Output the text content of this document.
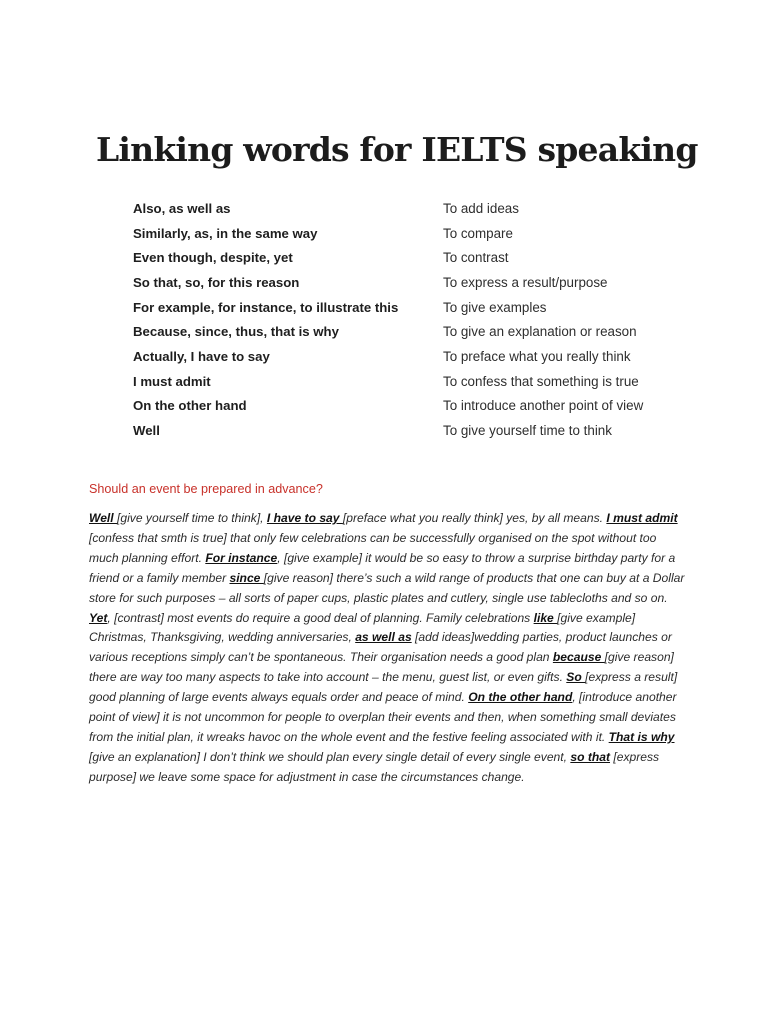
Linking words for IELTS speaking
Also, as well as	To add ideas
Similarly, as, in the same way	To compare
Even though, despite, yet	To contrast
So that, so, for this reason	To express a result/purpose
For example, for instance, to illustrate this	To give examples
Because, since, thus, that is why	To give an explanation or reason
Actually, I have to say	To preface what you really think
I must admit	To confess that something is true
On the other hand	To introduce another point of view
Well	To give yourself time to think
Should an event be prepared in advance?

Well [give yourself time to think], I have to say [preface what you really think] yes, by all means. I must admit [confess that smth is true] that only few celebrations can be successfully organised on the spot without too much planning effort. For instance, [give example] it would be so easy to throw a surprise birthday party for a friend or a family member since [give reason] there’s such a wild range of products that one can buy at a Dollar store for such purposes – all sorts of paper cups, plastic plates and cutlery, single use tablecloths and so on. Yet, [contrast] most events do require a good deal of planning. Family celebrations like [give example] Christmas, Thanksgiving, wedding anniversaries, as well as [add ideas]wedding parties, product launches or various receptions simply can’t be spontaneous. Their organisation needs a good plan because [give reason] there are way too many aspects to take into account – the menu, guest list, or even gifts. So [express a result] good planning of large events always equals order and peace of mind. On the other hand, [introduce another point of view] it is not uncommon for people to overplan their events and then, when something small deviates from the initial plan, it wreaks havoc on the whole event and the festive feeling associated with it. That is why [give an explanation] I don’t think we should plan every single detail of every single event, so that [express purpose] we leave some space for adjustment in case the circumstances change.
